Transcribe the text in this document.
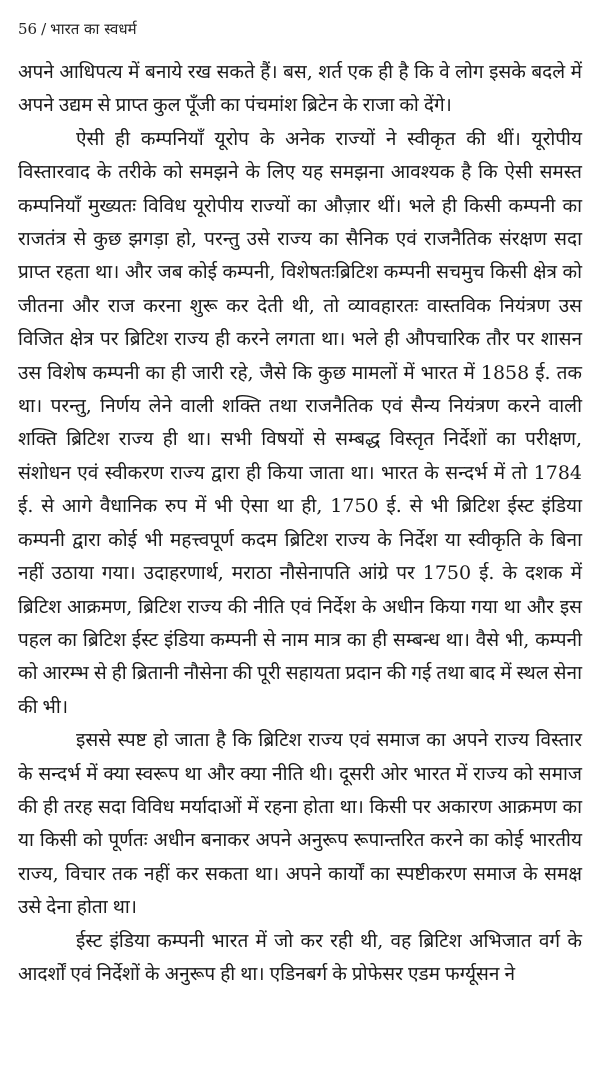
56 / भारत का स्वधर्म

अपने आधिपत्य में बनाये रख सकते हैं। बस, शर्त एक ही है कि वे लोग इसके बदले में अपने उद्यम से प्राप्त कुल पूँजी का पंचमांश ब्रिटेन के राजा को देंगे।

ऐसी ही कम्पनियाँ यूरोप के अनेक राज्यों ने स्वीकृत की थीं। यूरोपीय विस्तारवाद के तरीके को समझने के लिए यह समझना आवश्यक है कि ऐसी समस्त कम्पनियाँ मुख्यतः विविध यूरोपीय राज्यों का औज़ार थीं। भले ही किसी कम्पनी का राजतंत्र से कुछ झगड़ा हो, परन्तु उसे राज्य का सैनिक एवं राजनैतिक संरक्षण सदा प्राप्त रहता था। और जब कोई कम्पनी, विशेषतःब्रिटिश कम्पनी सचमुच किसी क्षेत्र को जीतना और राज करना शुरू कर देती थी, तो व्यावहारतः वास्तविक नियंत्रण उस विजित क्षेत्र पर ब्रिटिश राज्य ही करने लगता था। भले ही औपचारिक तौर पर शासन उस विशेष कम्पनी का ही जारी रहे, जैसे कि कुछ मामलों में भारत में 1858 ई. तक था। परन्तु, निर्णय लेने वाली शक्ति तथा राजनैतिक एवं सैन्य नियंत्रण करने वाली शक्ति ब्रिटिश राज्य ही था। सभी विषयों से सम्बद्ध विस्तृत निर्देशों का परीक्षण, संशोधन एवं स्वीकरण राज्य द्वारा ही किया जाता था। भारत के सन्दर्भ में तो 1784 ई. से आगे वैधानिक रुप में भी ऐसा था ही, 1750 ई. से भी ब्रिटिश ईस्ट इंडिया कम्पनी द्वारा कोई भी महत्त्वपूर्ण कदम ब्रिटिश राज्य के निर्देश या स्वीकृति के बिना नहीं उठाया गया। उदाहरणार्थ, मराठा नौसेनापति आंग्रे पर 1750 ई. के दशक में ब्रिटिश आक्रमण, ब्रिटिश राज्य की नीति एवं निर्देश के अधीन किया गया था और इस पहल का ब्रिटिश ईस्ट इंडिया कम्पनी से नाम मात्र का ही सम्बन्ध था। वैसे भी, कम्पनी को आरम्भ से ही ब्रितानी नौसेना की पूरी सहायता प्रदान की गई तथा बाद में स्थल सेना की भी।

इससे स्पष्ट हो जाता है कि ब्रिटिश राज्य एवं समाज का अपने राज्य विस्तार के सन्दर्भ में क्या स्वरूप था और क्या नीति थी। दूसरी ओर भारत में राज्य को समाज की ही तरह सदा विविध मर्यादाओं में रहना होता था। किसी पर अकारण आक्रमण का या किसी को पूर्णतः अधीन बनाकर अपने अनुरूप रूपान्तरित करने का कोई भारतीय राज्य, विचार तक नहीं कर सकता था। अपने कार्यों का स्पष्टीकरण समाज के समक्ष उसे देना होता था।

ईस्ट इंडिया कम्पनी भारत में जो कर रही थी, वह ब्रिटिश अभिजात वर्ग के आदर्शों एवं निर्देशों के अनुरूप ही था। एडिनबर्ग के प्रोफेसर एडम फर्ग्यूसन ने
